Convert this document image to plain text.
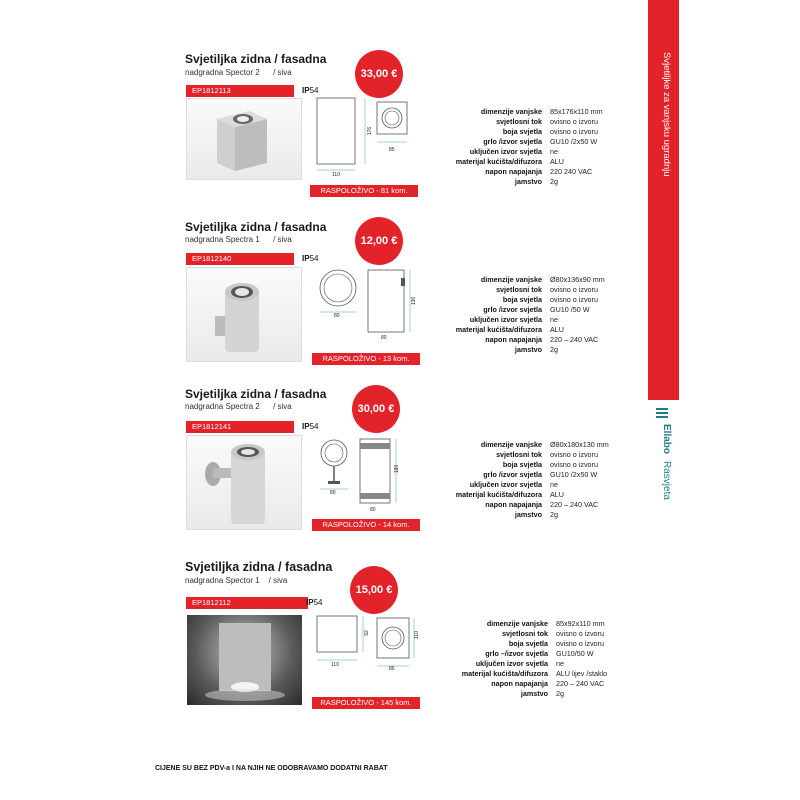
Svjetiljke za vanjsku ugradnju
Ellabo Rasvjeta
Svjetiljka zidna / fasadna
nadgradna Spector 2 / siva	33,00 €
EP1812113	IP54
110
176
85
RASPOLOŽIVO - 81 kom.
dimenzije vanjske	85x176x110 mm
svjetlosni tok	ovisno o izvoru
boja svjetla	ovisno o izvoru
grlo /izvor svjetla	GU10 /2x50 W
uključen izvor svjetla	ne
materijal kućišta/difuzora	ALU
napon napajanja	220 240 VAC
jamstvo	2g
Svjetiljka zidna / fasadna
nadgradna Spectra 1 / siva	12,00 €
EP1812140	IP54
80
80
136
RASPOLOŽIVO - 13 kom.
dimenzije vanjske	Ø80x136x90 mm
svjetlosni tok	ovisno o izvoru
boja svjetla	ovisno o izvoru
grlo /izvor svjetla	GU10 /50 W
uključen izvor svjetla	ne
materijal kućišta/difuzora	ALU
napon napajanja	220 – 240 VAC
jamstvo	2g
Svjetiljka zidna / fasadna
nadgradna Spectra 2 / siva	30,00 €
EP1812141	IP54
80
80
180
RASPOLOŽIVO - 14 kom.
dimenzije vanjske	Ø80x180x130 mm
svjetlosni tok	ovisno o izvoru
boja svjetla	ovisno o izvoru
grlo /izvor svjetla	GU10 /2x50 W
uključen izvor svjetla	ne
materijal kućišta/difuzora	ALU
napon napajanja	220 – 240 VAC
jamstvo	2g
Svjetiljka zidna / fasadna
nadgradna Spector 1 / siva
15,00 €
EP1812112	IP54
110
92
85
110
RASPOLOŽIVO - 145 kom.
dimenzije vanjske	85x92x110 mm
svjetlosni tok	ovisno o izvoru
boja svjetla	ovisno o izvoru
grlo –/izvor svjetla	GU10/50 W
uključen izvor svjetla	ne
materijal kućišta/difuzora	ALU lijev /staklo
napon napajanja	220 – 240 VAC
jamstvo	2g
CIJENE SU BEZ PDV-a I NA NJIH NE ODOBRAVAMO DODATNI RABAT
